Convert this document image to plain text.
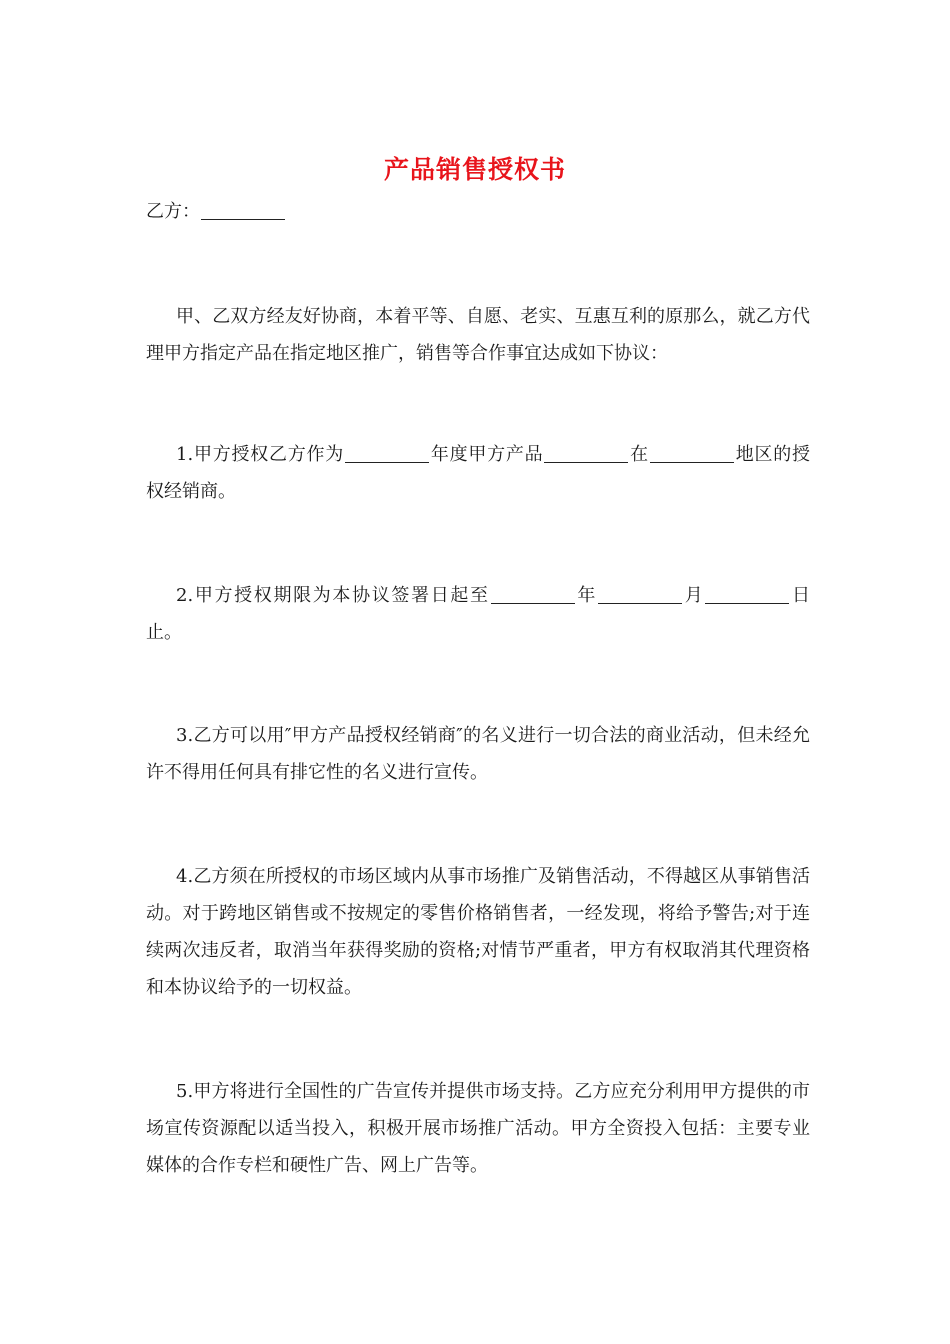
产品销售授权书
乙方：

甲、乙双方经友好协商，本着平等、自愿、老实、互惠互利的原那么，就乙方代理甲方指定产品在指定地区推广，销售等合作事宜达成如下协议：

1.甲方授权乙方作为	年度甲方产品	在	地区的授权经销商。

2.甲方授权期限为本协议签署日起至	年	月	日止。

3.乙方可以用″甲方产品授权经销商″的名义进行一切合法的商业活动，但未经允许不得用任何具有排它性的名义进行宣传。

4.乙方须在所授权的市场区域内从事市场推广及销售活动，不得越区从事销售活动。对于跨地区销售或不按规定的零售价格销售者，一经发现，将给予警告;对于连续两次违反者，取消当年获得奖励的资格;对情节严重者，甲方有权取消其代理资格和本协议给予的一切权益。

5.甲方将进行全国性的广告宣传并提供市场支持。乙方应充分利用甲方提供的市场宣传资源配以适当投入，积极开展市场推广活动。甲方全资投入包括：主要专业媒体的合作专栏和硬性广告、网上广告等。
